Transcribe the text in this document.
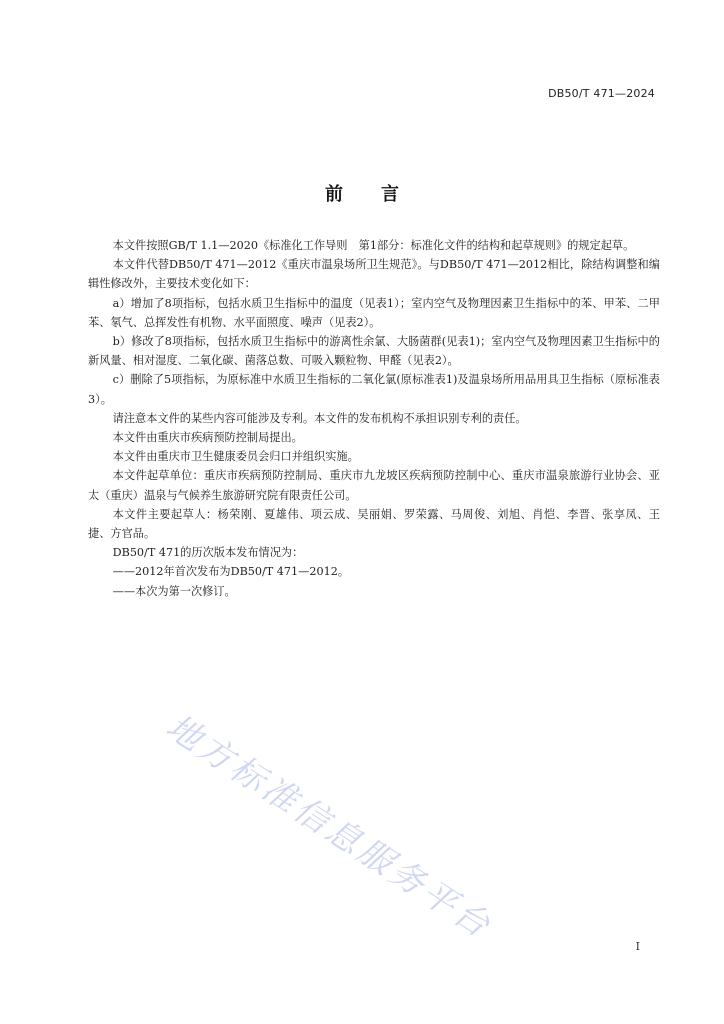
DB50/T 471—2024
前言

本文件按照GB/T 1.1—2020《标准化工作导则　第1部分：标准化文件的结构和起草规则》的规定起草。

本文件代替DB50/T 471—2012《重庆市温泉场所卫生规范》。与DB50/T 471—2012相比，除结构调整和编辑性修改外，主要技术变化如下：

a）增加了8项指标，包括水质卫生指标中的温度（见表1）；室内空气及物理因素卫生指标中的苯、甲苯、二甲苯、氡气、总挥发性有机物、水平面照度、噪声（见表2）。

b）修改了8项指标，包括水质卫生指标中的游离性余氯、大肠菌群(见表1)；室内空气及物理因素卫生指标中的新风量、相对湿度、二氧化碳、菌落总数、可吸入颗粒物、甲醛（见表2）。

c）删除了5项指标，为原标准中水质卫生指标的二氧化氯(原标准表1)及温泉场所用品用具卫生指标（原标准表3）。

请注意本文件的某些内容可能涉及专利。本文件的发布机构不承担识别专利的责任。

本文件由重庆市疾病预防控制局提出。

本文件由重庆市卫生健康委员会归口并组织实施。

本文件起草单位：重庆市疾病预防控制局、重庆市九龙坡区疾病预防控制中心、重庆市温泉旅游行业协会、亚太（重庆）温泉与气候养生旅游研究院有限责任公司。

本文件主要起草人：杨荣刚、夏雄伟、项云成、吴丽娟、罗荣露、马周俊、刘旭、肖恺、李晋、张享凤、王捷、方官品。

DB50/T 471的历次版本发布情况为：

——2012年首次发布为DB50/T 471—2012。

——本次为第一次修订。

地方标准信息服务平台	I
